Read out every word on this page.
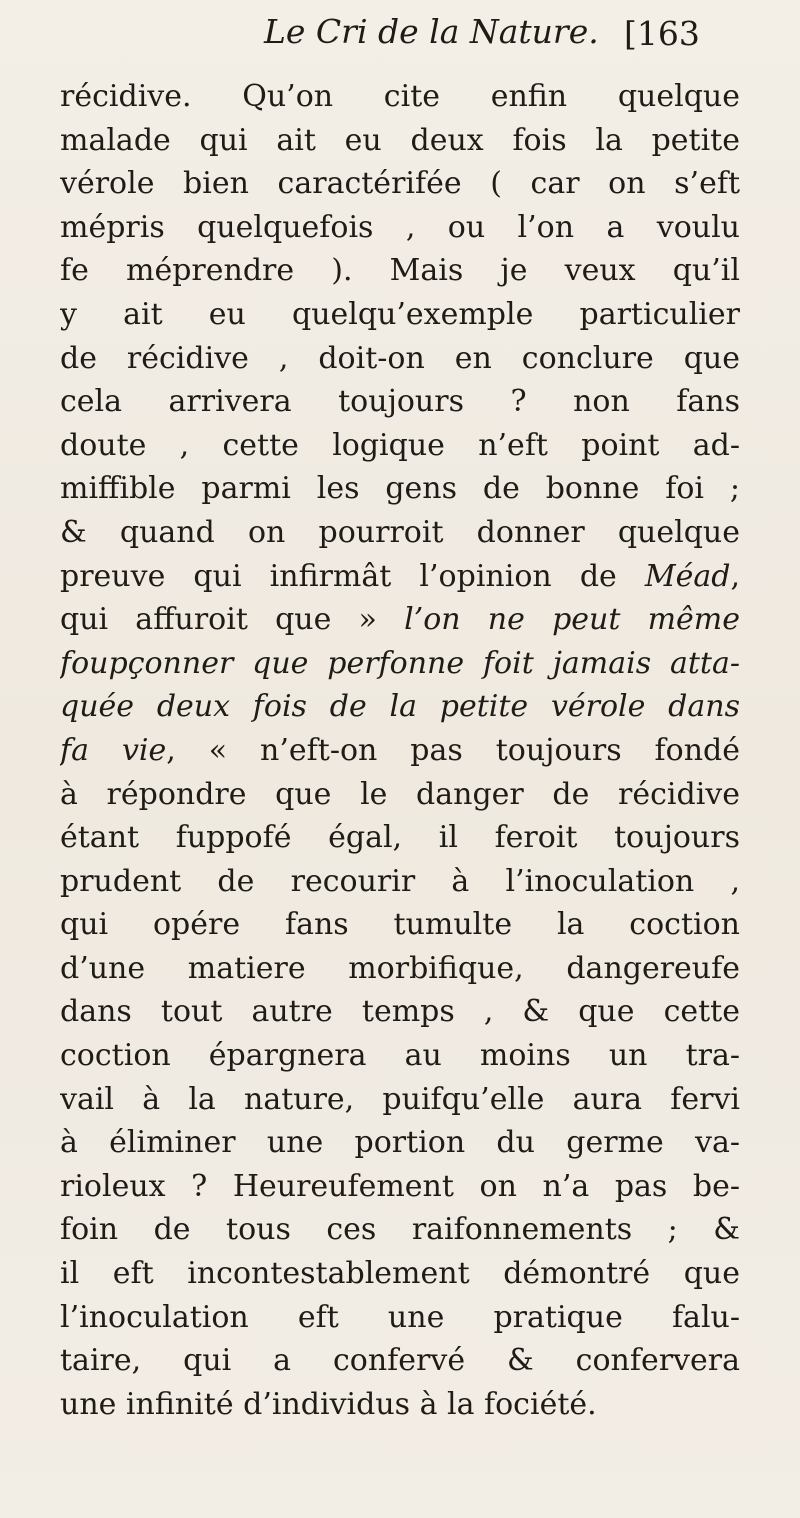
Le Cri de la Nature. [163
récidive. Qu’on cite enfin quelque
malade qui ait eu deux fois la petite
vérole bien caractérifée ( car on s’eft
mépris quelquefois , ou l’on a voulu
fe méprendre ). Mais je veux qu’il
y ait eu quelqu’exemple particulier
de récidive , doit-on en conclure que
cela arrivera toujours ? non fans
doute , cette logique n’eft point ad-
miffible parmi les gens de bonne foi ;
& quand on pourroit donner quelque
preuve qui infirmât l’opinion de Méad,
qui affuroit que » l’on ne peut même
foupçonner que perfonne foit jamais atta-
quée deux fois de la petite vérole dans
fa vie, « n’eft-on pas toujours fondé
à répondre que le danger de récidive
étant fuppofé égal, il feroit toujours
prudent de recourir à l’inoculation ,
qui opére fans tumulte la coction
d’une matiere morbifique, dangereufe
dans tout autre temps , & que cette
coction épargnera au moins un tra-
vail à la nature, puifqu’elle aura fervi
à éliminer une portion du germe va-
rioleux ? Heureufement on n’a pas be-
foin de tous ces raifonnements ; &
il eft incontestablement démontré que
l’inoculation eft une pratique falu-
taire, qui a confervé & confervera
une infinité d’individus à la fociété.
